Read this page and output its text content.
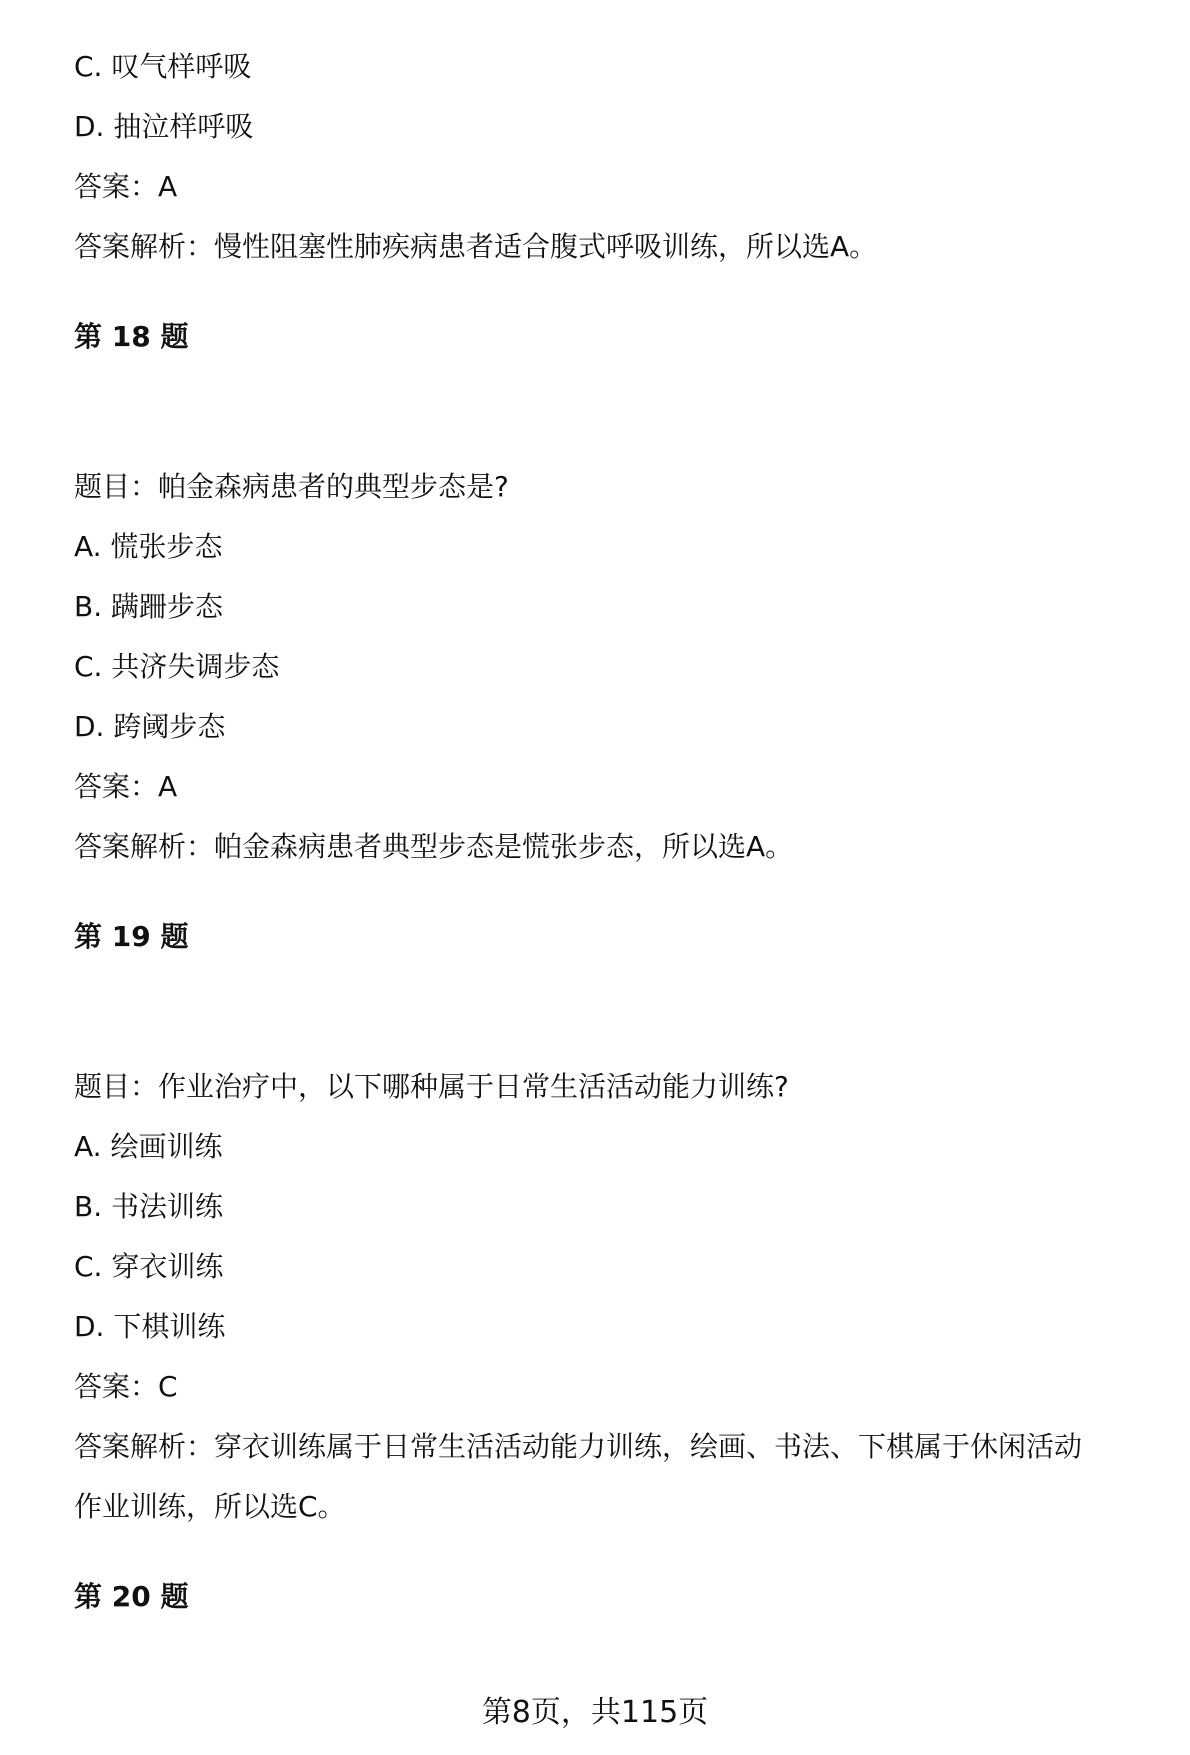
C. 叹气样呼吸
D. 抽泣样呼吸
答案：A
答案解析：慢性阻塞性肺疾病患者适合腹式呼吸训练，所以选A。
第 18 题
题目：帕金森病患者的典型步态是?
A. 慌张步态
B. 蹒跚步态
C. 共济失调步态
D. 跨阈步态
答案：A
答案解析：帕金森病患者典型步态是慌张步态，所以选A。
第 19 题
题目：作业治疗中，以下哪种属于日常生活活动能力训练?
A. 绘画训练
B. 书法训练
C. 穿衣训练
D. 下棋训练
答案：C
答案解析：穿衣训练属于日常生活活动能力训练，绘画、书法、下棋属于休闲活动
作业训练，所以选C。
第 20 题
第8页，共115页
